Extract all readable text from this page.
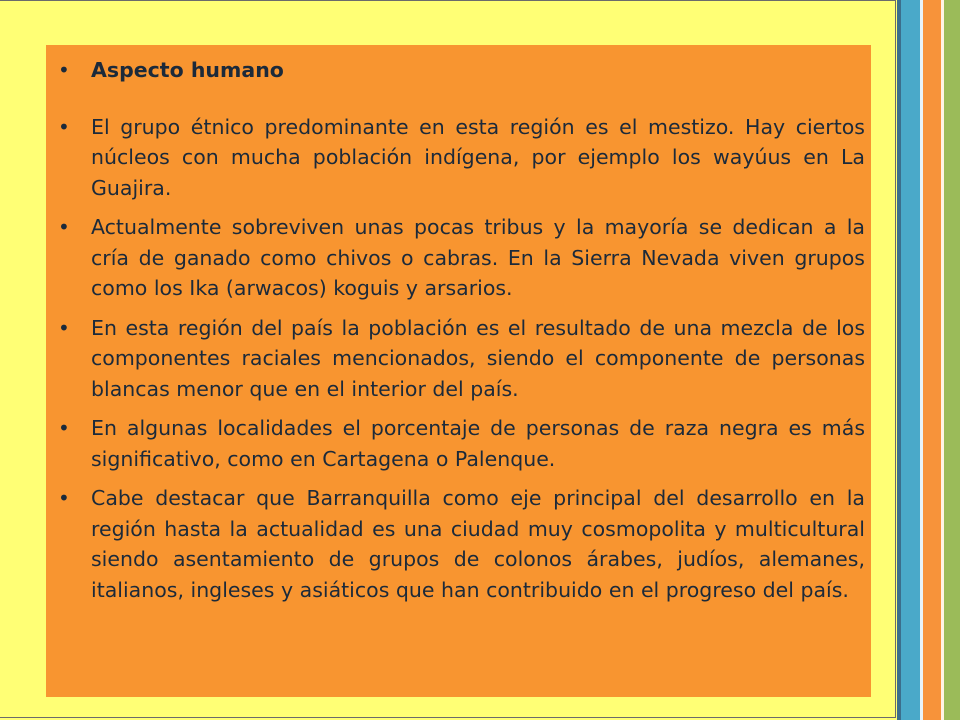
• Aspecto humano
• El grupo étnico predominante en esta región es el mestizo. Hay ciertos núcleos con mucha población indígena, por ejemplo los wayúus en La Guajira.
• Actualmente sobreviven unas pocas tribus y la mayoría se dedican a la cría de ganado como chivos o cabras. En la Sierra Nevada viven grupos como los Ika (arwacos) koguis y arsarios.
• En esta región del país la población es el resultado de una mezcla de los componentes raciales mencionados, siendo el componente de personas blancas menor que en el interior del país.
• En algunas localidades el porcentaje de personas de raza negra es más significativo, como en Cartagena o Palenque.
• Cabe destacar que Barranquilla como eje principal del desarrollo en la región hasta la actualidad es una ciudad muy cosmopolita y multicultural siendo asentamiento de grupos de colonos árabes, judíos, alemanes, italianos, ingleses y asiáticos que han contribuido en el progreso del país.
